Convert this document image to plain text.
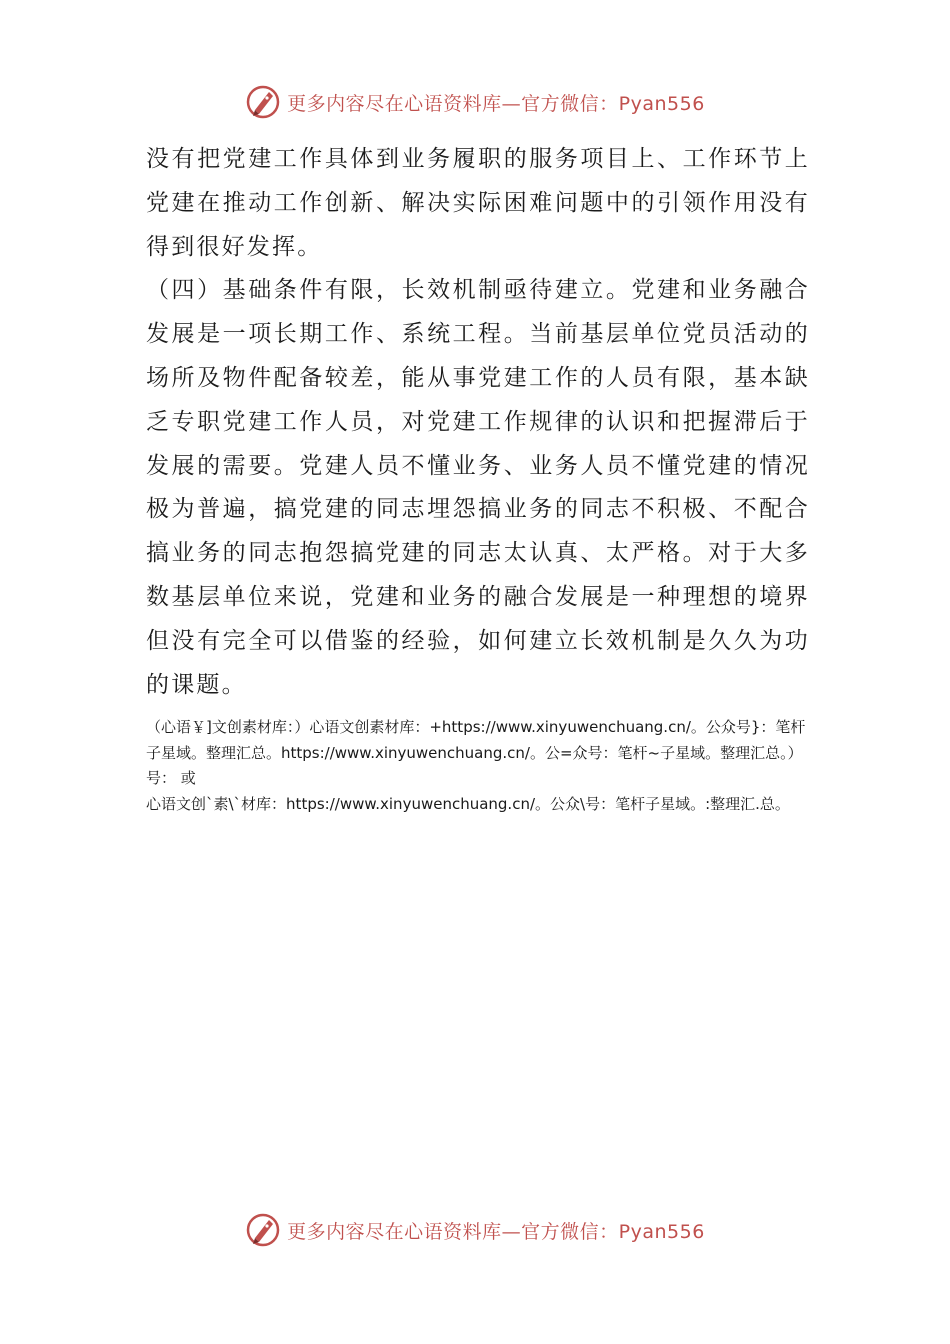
更多内容尽在心语资料库—官方微信：Pyan556

没有把党建工作具体到业务履职的服务项目上、工作环节上党建在推动工作创新、解决实际困难问题中的引领作用没有得到很好发挥。

（四）基础条件有限，长效机制亟待建立。党建和业务融合发展是一项长期工作、系统工程。当前基层单位党员活动的场所及物件配备较差，能从事党建工作的人员有限，基本缺乏专职党建工作人员，对党建工作规律的认识和把握滞后于发展的需要。党建人员不懂业务、业务人员不懂党建的情况极为普遍，搞党建的同志埋怨搞业务的同志不积极、不配合搞业务的同志抱怨搞党建的同志太认真、太严格。对于大多数基层单位来说，党建和业务的融合发展是一种理想的境界但没有完全可以借鉴的经验，如何建立长效机制是久久为功的课题。

（心语￥]文创素材库：）心语文创素材库：+https://www.xinyuwenchuang.cn/。公众号}：笔杆子星域。整理汇总。https://www.xinyuwenchuang.cn/。公=众号：笔杆~子星域。整理汇总。）号： 或
心语文创`素\`材库：https://www.xinyuwenchuang.cn/。公众\号：笔杆子星域。:整理汇.总。
更多内容尽在心语资料库—官方微信：Pyan556
